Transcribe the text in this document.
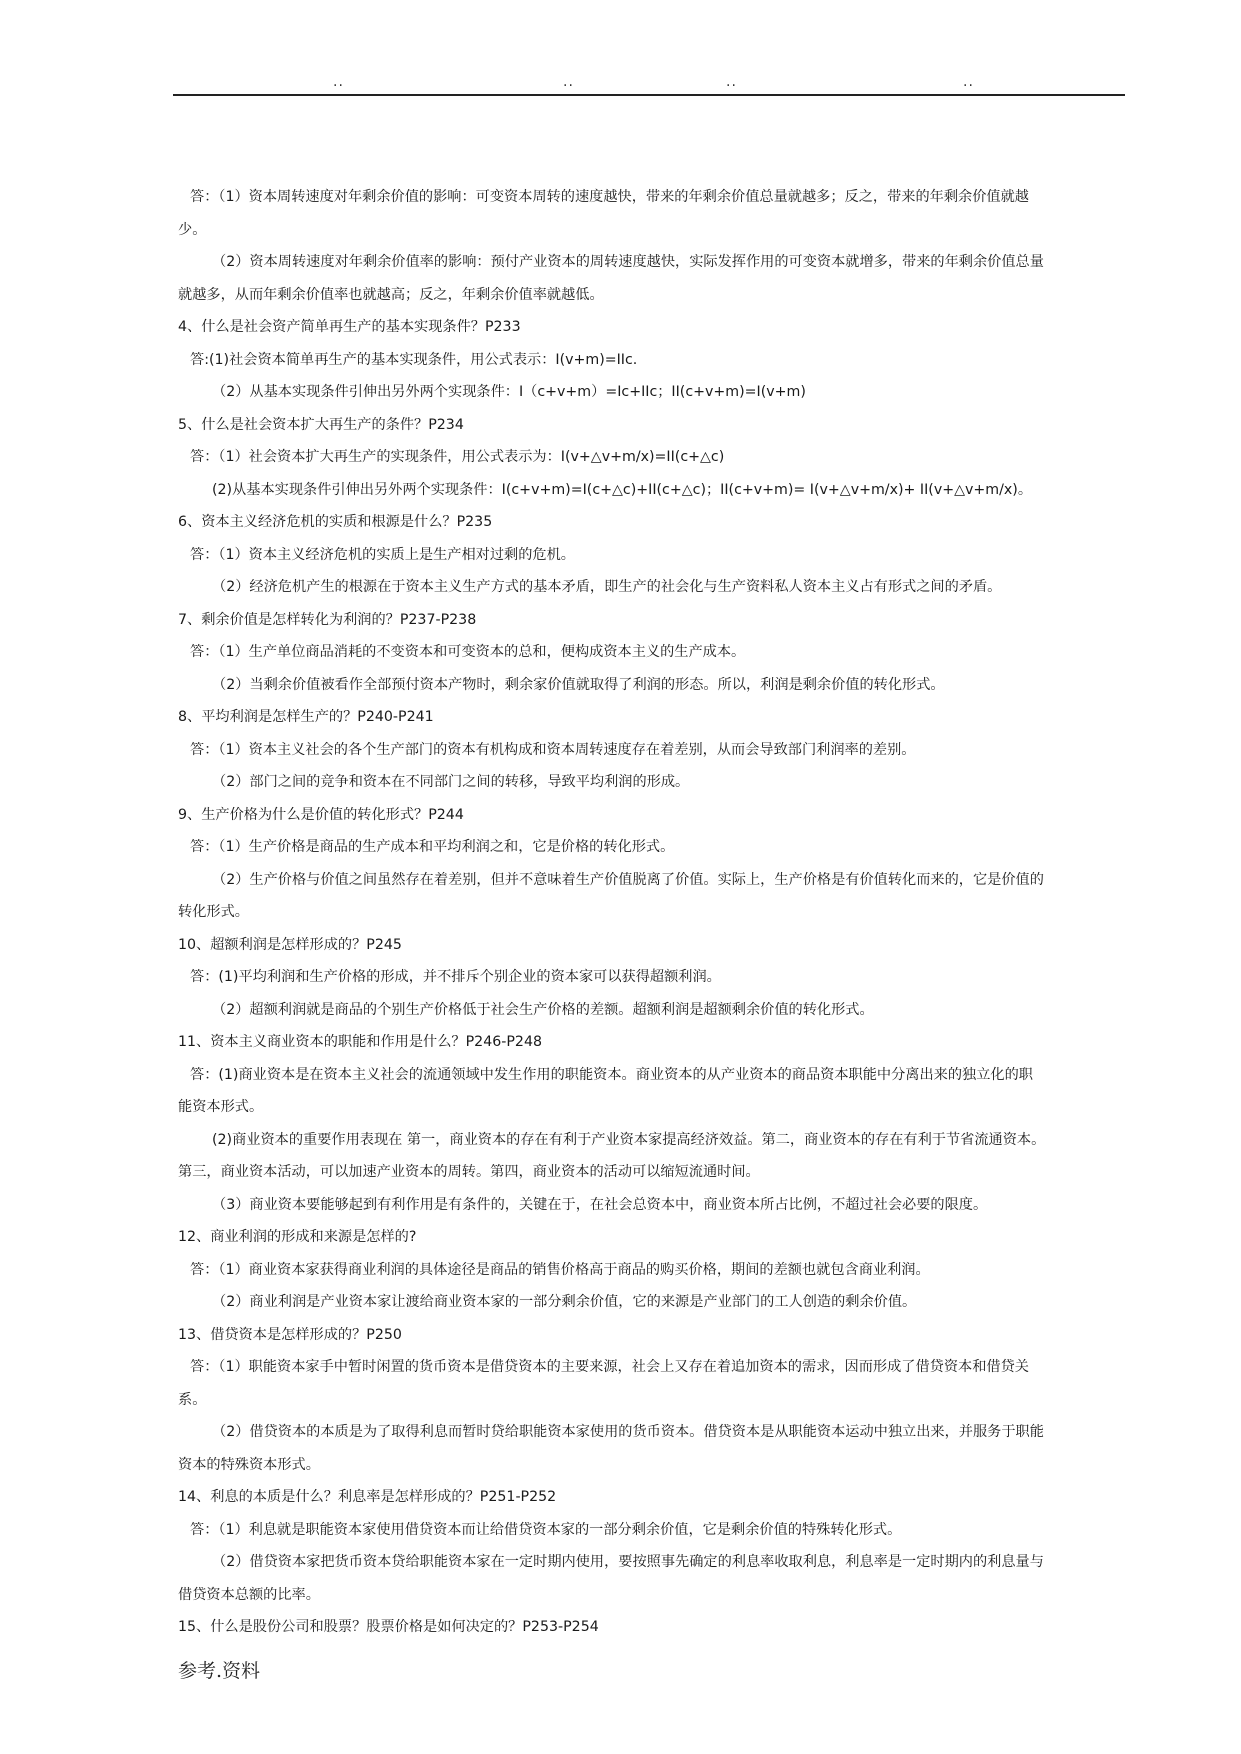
..	..	..	..
答：（1）资本周转速度对年剩余价值的影响：可变资本周转的速度越快，带来的年剩余价值总量就越多；反之，带来的年剩余价值就越
少。
（2）资本周转速度对年剩余价值率的影响：预付产业资本的周转速度越快，实际发挥作用的可变资本就增多，带来的年剩余价值总量
就越多，从而年剩余价值率也就越高；反之，年剩余价值率就越低。
4、什么是社会资产简单再生产的基本实现条件？P233
答:(1)社会资本简单再生产的基本实现条件，用公式表示：I(v+m)=IIc.
（2）从基本实现条件引伸出另外两个实现条件：I（c+v+m）=Ic+IIc；II(c+v+m)=I(v+m)
5、什么是社会资本扩大再生产的条件？P234
答：（1）社会资本扩大再生产的实现条件，用公式表示为：I(v+△v+m/x)=II(c+△c)
(2)从基本实现条件引伸出另外两个实现条件：I(c+v+m)=I(c+△c)+II(c+△c)；II(c+v+m)= I(v+△v+m/x)+ II(v+△v+m/x)。
6、资本主义经济危机的实质和根源是什么？P235
答：（1）资本主义经济危机的实质上是生产相对过剩的危机。
（2）经济危机产生的根源在于资本主义生产方式的基本矛盾，即生产的社会化与生产资料私人资本主义占有形式之间的矛盾。
7、剩余价值是怎样转化为利润的？P237-P238
答：（1）生产单位商品消耗的不变资本和可变资本的总和，便构成资本主义的生产成本。
（2）当剩余价值被看作全部预付资本产物时，剩余家价值就取得了利润的形态。所以，利润是剩余价值的转化形式。
8、平均利润是怎样生产的？P240-P241
答：（1）资本主义社会的各个生产部门的资本有机构成和资本周转速度存在着差别，从而会导致部门利润率的差别。
（2）部门之间的竞争和资本在不同部门之间的转移，导致平均利润的形成。
9、生产价格为什么是价值的转化形式？P244
答：（1）生产价格是商品的生产成本和平均利润之和，它是价格的转化形式。
（2）生产价格与价值之间虽然存在着差别，但并不意味着生产价值脱离了价值。实际上，生产价格是有价值转化而来的，它是价值的
转化形式。
10、超额利润是怎样形成的？P245
答：(1)平均利润和生产价格的形成，并不排斥个别企业的资本家可以获得超额利润。
（2）超额利润就是商品的个别生产价格低于社会生产价格的差额。超额利润是超额剩余价值的转化形式。
11、资本主义商业资本的职能和作用是什么？P246-P248
答：(1)商业资本是在资本主义社会的流通领域中发生作用的职能资本。商业资本的从产业资本的商品资本职能中分离出来的独立化的职
能资本形式。
(2)商业资本的重要作用表现在 第一，商业资本的存在有利于产业资本家提高经济效益。第二，商业资本的存在有利于节省流通资本。
第三，商业资本活动，可以加速产业资本的周转。第四，商业资本的活动可以缩短流通时间。
（3）商业资本要能够起到有利作用是有条件的，关键在于，在社会总资本中，商业资本所占比例，不超过社会必要的限度。
12、商业利润的形成和来源是怎样的?
答：（1）商业资本家获得商业利润的具体途径是商品的销售价格高于商品的购买价格，期间的差额也就包含商业利润。
（2）商业利润是产业资本家让渡给商业资本家的一部分剩余价值，它的来源是产业部门的工人创造的剩余价值。
13、借贷资本是怎样形成的？P250
答：（1）职能资本家手中暂时闲置的货币资本是借贷资本的主要来源，社会上又存在着追加资本的需求，因而形成了借贷资本和借贷关
系。
（2）借贷资本的本质是为了取得利息而暂时贷给职能资本家使用的货币资本。借贷资本是从职能资本运动中独立出来，并服务于职能
资本的特殊资本形式。
14、利息的本质是什么？利息率是怎样形成的？P251-P252
答：（1）利息就是职能资本家使用借贷资本而让给借贷资本家的一部分剩余价值，它是剩余价值的特殊转化形式。
（2）借贷资本家把货币资本贷给职能资本家在一定时期内使用，要按照事先确定的利息率收取利息，利息率是一定时期内的利息量与
借贷资本总额的比率。
15、什么是股份公司和股票？股票价格是如何决定的？P253-P254
参考.资料
